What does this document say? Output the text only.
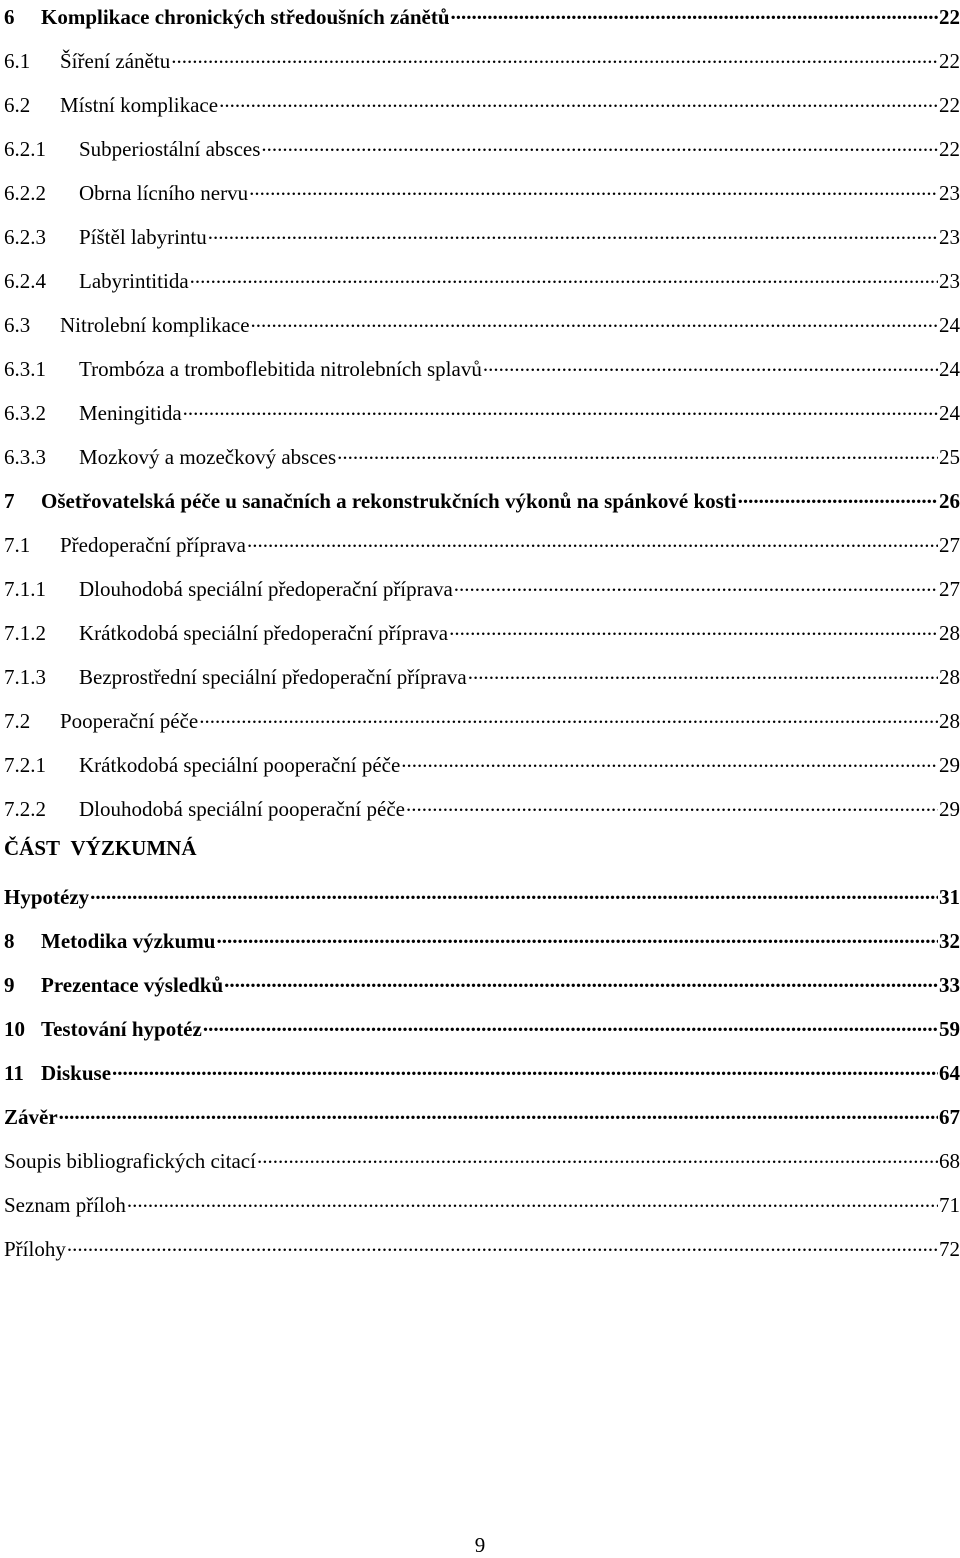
6	Komplikace chronických středoušních zánětů .....	22
6.1	Šíření zánětu .....	22
6.2	Místní komplikace .....	22
6.2.1	Subperiostální absces .....	22
6.2.2	Obrna lícního nervu .....	23
6.2.3	Píštěl labyrintu .....	23
6.2.4	Labyrintitida .....	23
6.3	Nitrolební komplikace .....	24
6.3.1	Trombóza a tromboflebitida nitrolebních splavů .....	24
6.3.2	Meningitida .....	24
6.3.3	Mozkový a mozečkový absces .....	25
7	Ošetřovatelská péče u sanačních a rekonstrukčních výkonů na spánkové kosti .....	26
7.1	Předoperační příprava .....	27
7.1.1	Dlouhodobá speciální předoperační příprava .....	27
7.1.2	Krátkodobá speciální předoperační příprava .....	28
7.1.3	Bezprostřední speciální předoperační příprava .....	28
7.2	Pooperační péče .....	28
7.2.1	Krátkodobá speciální pooperační péče .....	29
7.2.2	Dlouhodobá speciální pooperační péče .....	29
ČÁST VÝZKUMNÁ
Hypotézy .....	31
8	Metodika výzkumu .....	32
9	Prezentace výsledků .....	33
10 Testování hypotéz .....	59
11 Diskuse .....	64
Závěr .....	67
Soupis bibliografických citací .....	68
Seznam příloh .....	71
Přílohy .....	72
9
